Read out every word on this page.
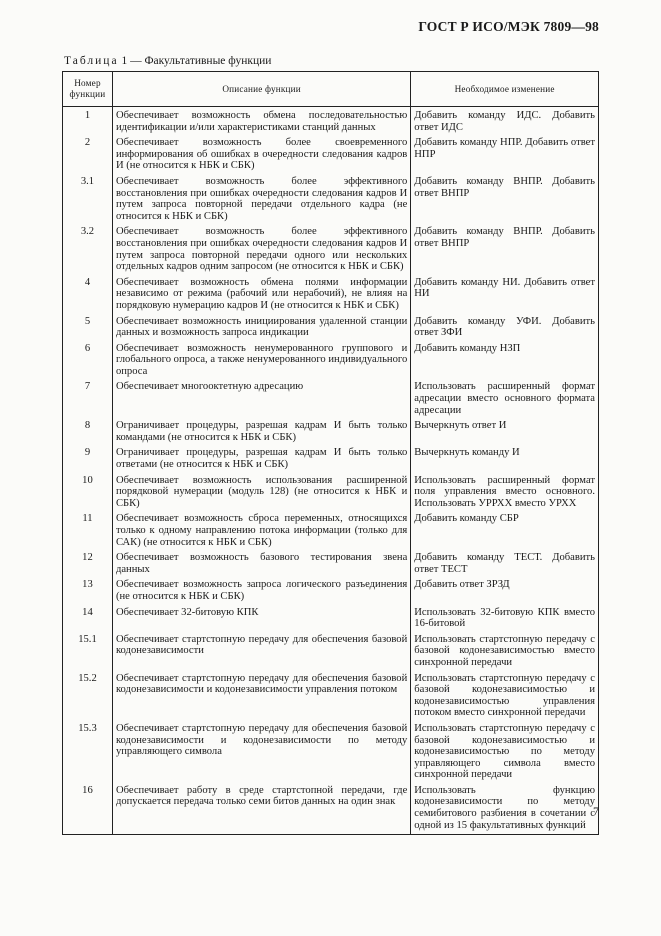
ГОСТ Р ИСО/МЭК 7809—98
Таблица 1 — Факультативные функции
Номер функции	Описание функции	Необходимое изменение
1	Обеспечивает возможность обмена последовательностью идентификации и/или характеристиками станций данных	Добавить команду ИДС. Добавить ответ ИДС
2	Обеспечивает возможность более своевременного информирования об ошибках в очередности следования кадров И (не относится к НБК и СБК)	Добавить команду НПР. Добавить ответ НПР
3.1	Обеспечивает возможность более эффективного восстановления при ошибках очередности следования кадров И путем запроса повторной передачи отдельного кадра (не относится к НБК и СБК)	Добавить команду ВНПР. Добавить ответ ВНПР
3.2	Обеспечивает возможность более эффективного восстановления при ошибках очередности следования кадров И путем запроса повторной передачи одного или нескольких отдельных кадров одним запросом (не относится к НБК и СБК)	Добавить команду ВНПР. Добавить ответ ВНПР
4	Обеспечивает возможность обмена полями информации независимо от режима (рабочий или нерабочий), не влияя на порядковую нумерацию кадров И (не относится к НБК и СБК)	Добавить команду НИ. Добавить ответ НИ
5	Обеспечивает возможность инициирования удаленной станции данных и возможность запроса индикации	Добавить команду УФИ. Добавить ответ ЗФИ
6	Обеспечивает возможность ненумерованного группового и глобального опроса, а также ненумерованного индивидуального опроса	Добавить команду НЗП
7	Обеспечивает многооктетную адресацию	Использовать расширенный формат адресации вместо основного формата адресации
8	Ограничивает процедуры, разрешая кадрам И быть только командами (не относится к НБК и СБК)	Вычеркнуть ответ И
9	Ограничивает процедуры, разрешая кадрам И быть только ответами (не относится к НБК и СБК)	Вычеркнуть команду И
10	Обеспечивает возможность использования расширенной порядковой нумерации (модуль 128) (не относится к НБК и СБК)	Использовать расширенный формат поля управления вместо основного. Использовать УРРХХ вместо УРХХ
11	Обеспечивает возможность сброса переменных, относящихся только к одному направлению потока информации (только для САК) (не относится к НБК и СБК)	Добавить команду СБР
12	Обеспечивает возможность базового тестирования звена данных	Добавить команду ТЕСТ. Добавить ответ ТЕСТ
13	Обеспечивает возможность запроса логического разъединения (не относится к НБК и СБК)	Добавить ответ ЗРЗД
14	Обеспечивает 32-битовую КПК	Использовать 32-битовую КПК вместо 16-битовой
15.1	Обеспечивает стартстопную передачу для обеспечения базовой кодонезависимости	Использовать стартстопную передачу с базовой кодонезависимостью вместо синхронной передачи
15.2	Обеспечивает стартстопную передачу для обеспечения базовой кодонезависимости и кодонезависимости управления потоком	Использовать стартстопную передачу с базовой кодонезависимостью и кодонезависимостью управления потоком вместо синхронной передачи
15.3	Обеспечивает стартстопную передачу для обеспечения базовой кодонезависимости и кодонезависимости по методу управляющего символа	Использовать стартстопную передачу с базовой кодонезависимостью и кодонезависимостью по методу управляющего символа вместо синхронной передачи
16	Обеспечивает работу в среде стартстопной передачи, где допускается передача только семи битов данных на один знак	Использовать функцию кодонезависимости по методу семибитового разбиения в сочетании с одной из 15 факультативных функций
7
